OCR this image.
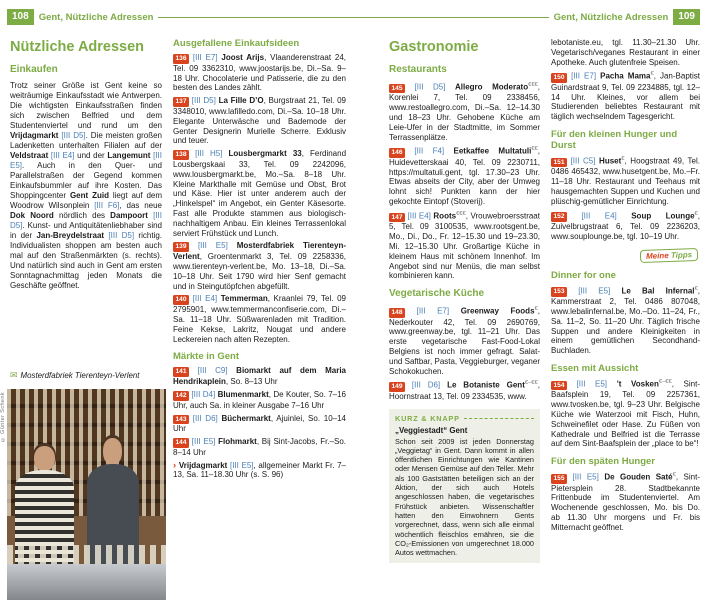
108	Gent, Nützliche Adressen	Gent, Nützliche Adressen	109
Nützliche Adressen
Einkaufen

Trotz seiner Größe ist Gent keine so weiträumige Einkaufsstadt wie Antwerpen. Die wichtigsten Einkaufsstraßen finden sich zwischen Belfried und dem Studentenviertel und rund um den Vrijdagmarkt [III D5]. Die meisten großen Ladenketten unterhalten Filialen auf der Veldstraat [III E4] und der Langemunt [III E5]. Auch in den Quer- und Parallelstraßen der Gegend kommen Einkaufsbummler auf ihre Kosten. Das Shoppingcenter Gent Zuid liegt auf dem Woodrow Wilsonplein [III F6], das neue Dok Noord nördlich des Dampoort [III D5]. Kunst- und Antiquitätenliebhaber sind in der Jan-Breydelstraat [III D5] richtig. Individualisten shoppen am besten auch mal auf den Straßenmärkten (s. rechts). Und natürlich sind auch in Gent am ersten Sonntagnachmittag jeden Monats die Geschäfte geöffnet.

✉ Mosterdfabriek Tierenteyn-Verlent
© Günter Schenk
Ausgefallene Einkaufsideen

136 [III E7] Joost Arijs, Vlaanderenstraat 24, Tel. 09 3362310, www.joostarijs.be, Di.–Sa. 9–18 Uhr. Chocolaterie und Patisserie, die zu den besten des Landes zählt.

137 [III D5] La Fille D’O, Burgstraat 21, Tel. 09 3348010, www.lafilledo.com, Di.–Sa. 10–18 Uhr. Elegante Unterwäsche und Bademode der Genter Designerin Murielle Scherre. Exklusiv und teuer.

138 [III H5] Lousbergmarkt 33, Ferdinand Lousbergskaai 33, Tel. 09 2242096, www.lousbergmarkt.be, Mo.–Sa. 8–18 Uhr. Kleine Markthalle mit Gemüse und Obst, Brot und Käse. Hier ist unter anderem auch der „Hinkelspel“ im Angebot, ein Genter Käsesorte. Fast alle Produkte stammen aus biologisch-nachhaltigem Anbau. Ein kleines Terrassenlokal serviert Frühstück und Lunch.

139 [III E5] Mosterdfabriek Tierenteyn-Verlent, Groentenmarkt 3, Tel. 09 2258336, www.tierenteyn-verlent.be, Mo. 13–18, Di.–Sa. 10–18 Uhr. Seit 1790 wird hier Senf gemacht und in Steingutöpfchen abgefüllt.

140 [III E4] Temmerman, Kraanlei 79, Tel. 09 2795901, www.temmermanconfiserie.com, Di.–Sa. 11–18 Uhr. Süßwarenladen mit Tradition. Feine Kekse, Lakritz, Nougat und andere Leckereien nach alten Rezepten.

Märkte in Gent

141 [III C9] Biomarkt auf dem Maria Hendrikaplein, So. 8–13 Uhr

142 [III D4] Blumenmarkt, De Kouter, So. 7–16 Uhr, auch Sa. in kleiner Ausgabe 7–16 Uhr

143 [III D6] Büchermarkt, Ajuinlei, So. 10–14 Uhr

144 [III E5] Flohmarkt, Bij Sint-Jacobs, Fr.–So. 8–14 Uhr

› Vrijdagmarkt [III E5], allgemeiner Markt Fr. 7–13, Sa. 11–18.30 Uhr (s. S. 96)

Gastronomie
Restaurants

145 [III D5] Allegro Moderato€€€, Korenlei 7, Tel. 09 2338456, www.restoallegro.com, Di.–Sa. 12–14.30 und 18–23 Uhr. Gehobene Küche am Leie-Ufer in der Stadtmitte, im Sommer Terrassenplätze.

146 [III F4] Eetkaffee Multatuli€€, Huidevetterskaai 40, Tel. 09 2230711, https://multatuli.gent, tgl. 17.30–23 Uhr. Etwas abseits der City, aber der Umweg lohnt sich! Punkten kann der hier gekochte Eintopf (Stoverij).

147 [III E4] Roots€€€, Vrouwebroersstraat 5, Tel. 09 3100535, www.rootsgent.be, Mo., Di., Do., Fr. 12–15.30 und 19–23.30, Mi. 12–15.30 Uhr. Großartige Küche in kleinem Haus mit schönem Innenhof. Im Angebot sind nur Menüs, die man selbst kombinieren kann.

Vegetarische Küche

148 [III E7] Greenway Foods€, Nederkouter 42, Tel. 09 2690769, www.greenway.be, tgl. 11–21 Uhr. Das erste vegetarische Fast-Food-Lokal Belgiens ist noch immer gefragt. Salat- und Saftbar, Pasta, Veggieburger, veganer Schokokuchen.

149 [III D6] Le Botaniste Gent€–€€, Hoornstraat 13, Tel. 09 2334535, www.

KURZ & KNAPP
„Veggiestadt“ Gent

Schon seit 2009 ist jeden Donnerstag „Veggietag“ in Gent. Dann kommt in allen öffentlichen Einrichtungen wie Kantinen oder Mensen Gemüse auf den Teller. Mehr als 100 Gaststätten beteiligen sich an der Aktion, der sich auch Hotels angeschlossen haben, die vegetarisches Frühstück anbieten. Wissenschaftler hatten den Einwohnern Gents vorgerechnet, dass, wenn sich alle einmal wöchentlich fleischlos ernähren, sie die CO₂-Emissionen von umgerechnet 18.000 Autos wettmachen.

lebotaniste.eu, tgl. 11.30–21.30 Uhr. Vegetarisch/veganes Restaurant in einer Apotheke. Auch glutenfreie Speisen.

150 [III E7] Pacha Mama€, Jan-Baptist Guinardstraat 9, Tel. 09 2234885, tgl. 12–14 Uhr. Kleines, vor allem bei Studierenden beliebtes Restaurant mit täglich wechselndem Tagesgericht.

Für den kleinen Hunger und Durst

151 [III C5] Huset€, Hoogstraat 49, Tel. 0486 465432, www.husetgent.be, Mo.–Fr. 11–18 Uhr. Restaurant und Teehaus mit hausgemachten Suppen und Kuchen und plüschig-gemütlicher Einrichtung.

152 [III E4] Soup Lounge€, Zuivelbrugstraat 6, Tel. 09 2236203, www.souplounge.be, tgl. 10–19 Uhr.

Meine Tipps
Dinner for one

153 [III E5] Le Bal Infernal€, Kammerstraat 2, Tel. 0486 807048, www.lebalinfernal.be, Mo.–Do. 11–24, Fr., Sa. 11–2, So. 11–20 Uhr. Täglich frische Suppen und andere Kleinigkeiten in einem gemütlichen Secondhand-Buchladen.

Essen mit Aussicht

154 [III E5] ’t Vosken€–€€, Sint-Baafsplein 19, Tel. 09 2257361, www.tvosken.be, tgl. 9–23 Uhr. Belgische Küche wie Waterzooi mit Fisch, Huhn, Schweinefilet oder Hase. Zu Füßen von Kathedrale und Belfried ist die Terrasse auf dem Sint-Baafsplein der „place to be“!

Für den späten Hunger

155 [III E5] De Gouden Saté€, Sint-Pietersplein 28. Stadtbekannte Frittenbude im Studentenviertel. Am Wochenende geschlossen, Mo. bis Do. ab 11.30 Uhr morgens und Fr. bis Mitternacht geöffnet.
